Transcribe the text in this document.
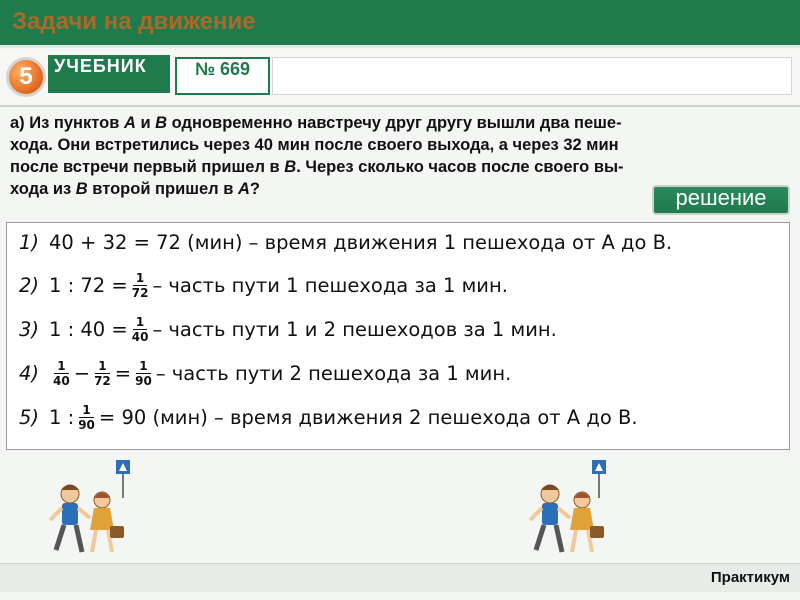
Задачи на движение
5	УЧЕБНИК	№ 669
а) Из пунктов А и В одновременно навстречу друг другу вышли два пеше-
хода. Они встретились через 40 мин после своего выхода, а через 32 мин
после встречи первый пришел в В. Через сколько часов после своего вы-
хода из В второй пришел в А?	решение
1) 40 + 32 = 72 (мин) – время движения 1 пешехода от А до В.
2) 1 : $72 = \frac{1}{72}$ – часть пути 1 пешехода за 1 мин.
3) 1 : $40 = \frac{1}{40}$ – часть пути 1 и 2 пешеходов за 1 мин.
$4) \frac{1}{40} - \frac{1}{72} = \frac{1}{90}$ – часть пути 2 пешехода за 1 мин.
5) 1 : $\frac{1}{90} = 90$ (мин) – время движения 2 пешехода от А до В.
Практикум
